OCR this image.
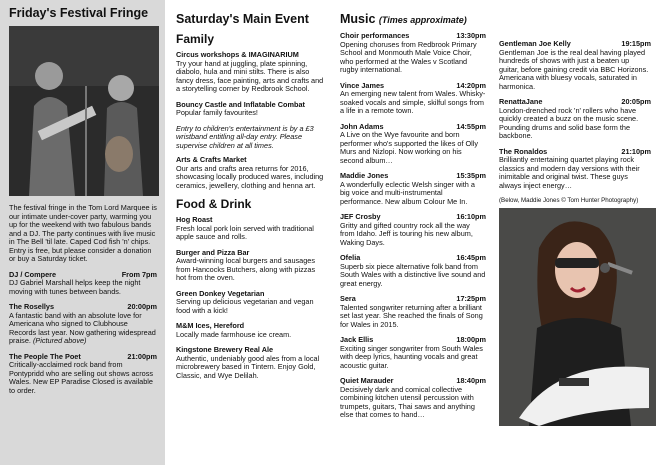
Friday's Festival Fringe
The festival fringe in the Tom Lord Marquee is our intimate under-cover party, warming you up for the weekend with two fabulous bands and a DJ. The party continues with live music in The Bell 'til late. Caped Cod fish 'n' chips. Entry is free, but please consider a donation or buy a Saturday ticket.
DJ / Compere	From 7pm
DJ Gabriel Marshall helps keep the night moving with tunes between bands.
The Rosellys	20:00pm
A fantastic band with an absolute love for Americana who signed to Clubhouse Records last year. Now gathering widespread praise. (Pictured above)
The People The Poet	21:00pm
Critically-acclaimed rock band from Pontypridd who are selling out shows across Wales. New EP Paradise Closed is available to order.
Saturday's Main Event
Family
Circus workshops & IMAGINARIUM
Try your hand at juggling, plate spinning, diabolo, hula and mini stilts. There is also fancy dress, face painting, arts and crafts and a storytelling corner by Redbrook School.
Bouncy Castle and Inflatable Combat
Popular family favourites!
Entry to children's entertainment is by a £3 wristband entitling all-day entry. Please supervise children at all times.
Arts & Crafts Market
Our arts and crafts area returns for 2016, showcasing locally produced wares, including ceramics, jewellery, clothing and henna art.
Food & Drink
Hog Roast
Fresh local pork loin served with traditional apple sauce and rolls.
Burger and Pizza Bar
Award-winning local burgers and sausages from Hancocks Butchers, along with pizzas hot from the oven.
Green Donkey Vegetarian
Serving up delicious vegetarian and vegan food with a kick!
M&M Ices, Hereford
Locally made farmhouse ice cream.
Kingstone Brewery Real Ale
Authentic, undeniably good ales from a local microbrewery based in Tintern. Enjoy Gold, Classic, and Wye Delilah.
Music (Times approximate)
Choir performances	13:30pm
Opening choruses from Redbrook Primary School and Monmouth Male Voice Choir, who performed at the Wales v Scotland rugby international.
Vince James	14:20pm
An emerging new talent from Wales. Whisky-soaked vocals and simple, skilful songs from a life in a remote town.
John Adams	14:55pm
A Live on the Wye favourite and born performer who's supported the likes of Olly Murs and Nizlopi. Now working on his second album…
Maddie Jones	15:35pm
A wonderfully eclectic Welsh singer with a big voice and multi-instrumental performance. New album Colour Me In.
JEF Crosby	16:10pm
Gritty and gifted country rock all the way from Idaho. Jeff is touring his new album, Waking Days.
Ofelia	16:45pm
Superb six piece alternative folk band from South Wales with a distinctive live sound and great energy.
Sera	17:25pm
Talented songwriter returning after a brilliant set last year. She reached the finals of Song for Wales in 2015.
Jack Ellis	18:00pm
Exciting singer songwriter from South Wales with deep lyrics, haunting vocals and great acoustic guitar.
Quiet Marauder	18:40pm
Decisively dark and comical collective combining kitchen utensil percussion with trumpets, guitars, Thai saws and anything else that comes to hand…
Gentleman Joe Kelly	19:15pm
Gentleman Joe is the real deal having played hundreds of shows with just a beaten up guitar, before gaining credit via BBC Horizons. Americana with bluesy vocals, saturated in harmonica.
RenattaJane	20:05pm
London-drenched rock 'n' rollers who have quickly created a buzz on the music scene. Pounding drums and solid base form the backbone.
The Ronaldos	21:10pm
Brilliantly entertaining quartet playing rock classics and modern day versions with their inimitable and original twist. These guys always inject energy…
(Below, Maddie Jones © Tom Hunter Photography)
